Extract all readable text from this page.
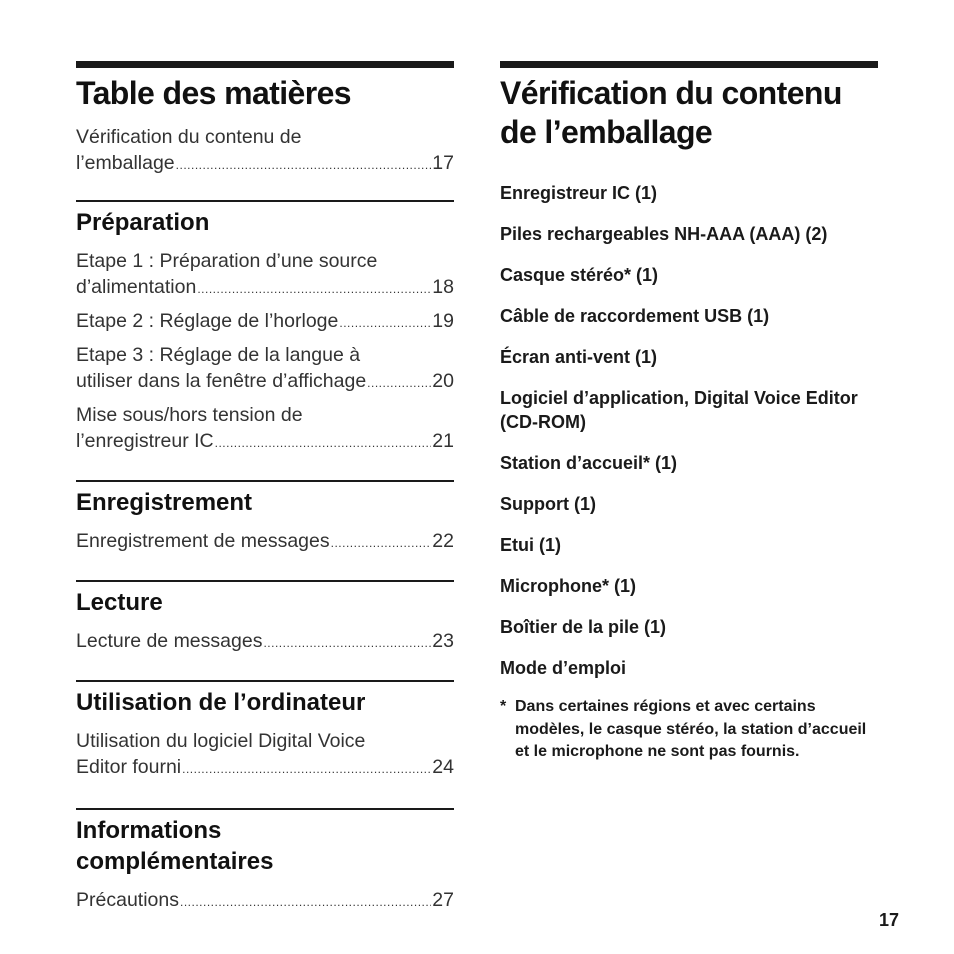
Table des matières
Vérification du contenu de
l’emballage .....	17
Préparation
Etape 1 : Préparation d’une source
d’alimentation .....	18
Etape 2 : Réglage de l’horloge .....	19
Etape 3 : Réglage de la langue à
utiliser dans la fenêtre d’affichage .....	20
Mise sous/hors tension de
l’enregistreur IC .....	21
Enregistrement
Enregistrement de messages .....	22
Lecture
Lecture de messages .....	23
Utilisation de l’ordinateur
Utilisation du logiciel Digital Voice
Editor fourni .....	24
Informations
complémentaires
Précautions .....	27
Vérification du contenu
de l’emballage
Enregistreur IC (1)
Piles rechargeables NH-AAA (AAA) (2)
Casque stéréo* (1)
Câble de raccordement USB (1)
Écran anti-vent (1)
Logiciel d’application, Digital Voice Editor (CD-ROM)
Station d’accueil* (1)
Support (1)
Etui (1)
Microphone* (1)
Boîtier de la pile (1)
Mode d’emploi
* Dans certaines régions et avec certains modèles, le casque stéréo, la station d’accueil et le microphone ne sont pas fournis.
17
